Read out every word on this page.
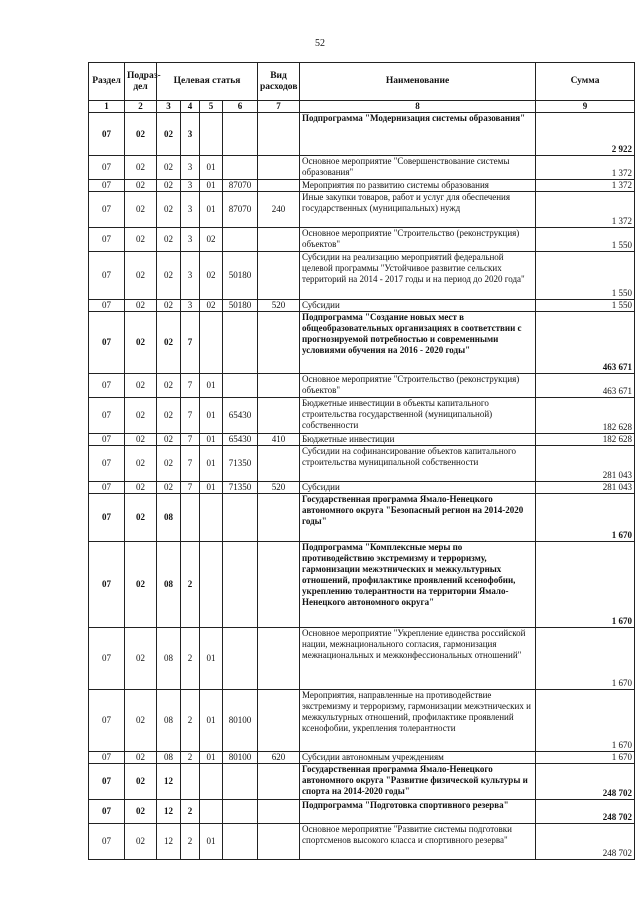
52
Раздел	Подраз-дел	Целевая статья				Вид расходов	Наименование	Сумма
1	2	3	4	5	6	7	8	9
07	02	02	3				Подпрограмма "Модернизация системы образования"	2 922
07	02	02	3	01			Основное мероприятие "Совершенствование системы образования"	1 372
07	02	02	3	01	87070		Мероприятия по развитию системы образования	1 372
07	02	02	3	01	87070	240	Иные закупки товаров, работ и услуг для обеспечения государственных (муниципальных) нужд	1 372
07	02	02	3	02			Основное мероприятие "Строительство (реконструкция) объектов"	1 550
07	02	02	3	02	50180		Субсидии на реализацию мероприятий федеральной целевой программы "Устойчивое развитие сельских территорий на 2014 - 2017 годы и на период до 2020 года"	1 550
07	02	02	3	02	50180	520	Субсидии	1 550
07	02	02	7				Подпрограмма "Создание новых мест в общеобразовательных организациях в соответствии с прогнозируемой потребностью и современными условиями обучения на 2016 - 2020 годы"	463 671
07	02	02	7	01			Основное мероприятие "Строительство (реконструкция) объектов"	463 671
07	02	02	7	01	65430		Бюджетные инвестиции в объекты капитального строительства государственной (муниципальной) собственности	182 628
07	02	02	7	01	65430	410	Бюджетные инвестиции	182 628
07	02	02	7	01	71350		Субсидии на софинансирование объектов капитального строительства муниципальной собственности	281 043
07	02	02	7	01	71350	520	Субсидии	281 043
07	02	08					Государственная программа Ямало-Ненецкого автономного округа "Безопасный регион на 2014-2020 годы"	1 670
07	02	08	2				Подпрограмма "Комплексные меры по противодействию экстремизму и терроризму, гармонизации межэтнических и межкультурных отношений, профилактике проявлений ксенофобии, укреплению толерантности на территории Ямало-Ненецкого автономного округа"	1 670
07	02	08	2	01			Основное мероприятие "Укрепление единства российской нации, межнационального согласия, гармонизация межнациональных и межконфессиональных отношений"	1 670
07	02	08	2	01	80100		Мероприятия, направленные на противодействие экстремизму и терроризму, гармонизации межэтнических и межкультурных отношений, профилактике проявлений ксенофобии, укрепления толерантности	1 670
07	02	08	2	01	80100	620	Субсидии автономным учреждениям	1 670
07	02	12					Государственная программа Ямало-Ненецкого автономного округа "Развитие физической культуры и спорта на 2014-2020 годы"	248 702
07	02	12	2				Подпрограмма "Подготовка спортивного резерва"	248 702
07	02	12	2	01			Основное мероприятие "Развитие системы подготовки спортсменов высокого класса и спортивного резерва"	248 702
